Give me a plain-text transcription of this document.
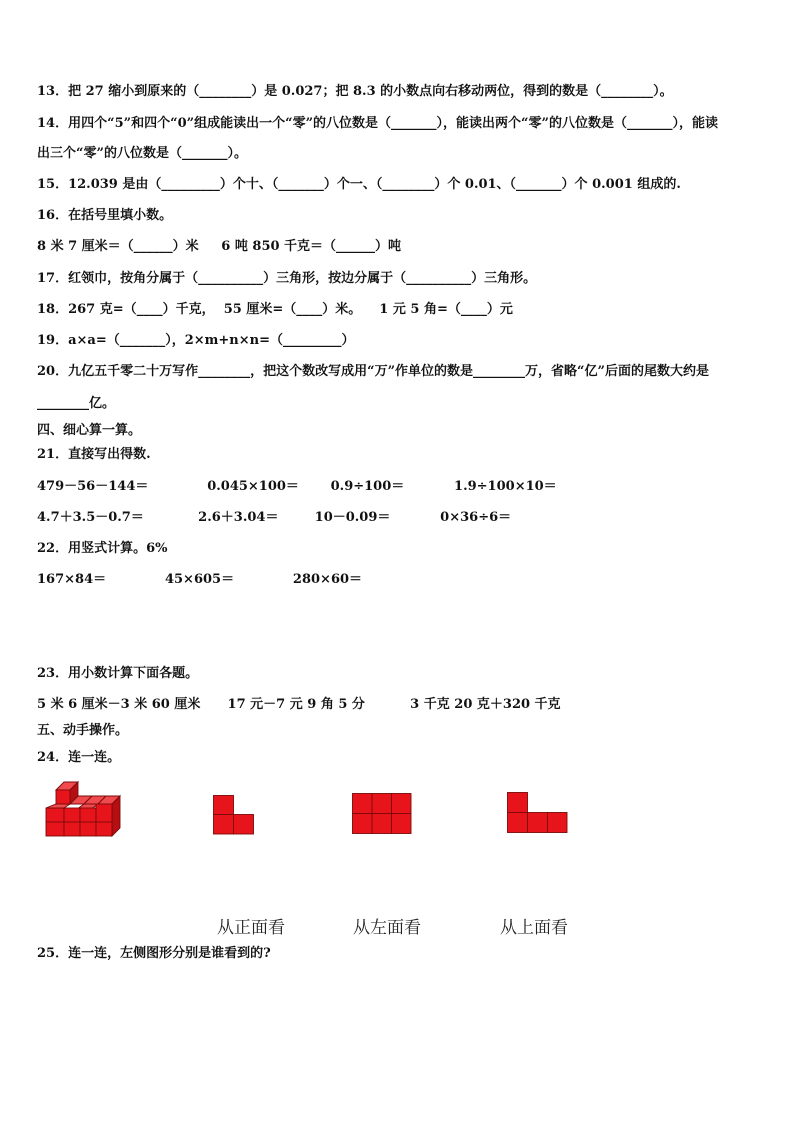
13．把 27 缩小到原来的（________）是 0.027；把 8.3 的小数点向右移动两位，得到的数是（________）。
14．用四个“5”和四个“0”组成能读出一个“零”的八位数是（_______），能读出两个“零”的八位数是（_______），能读
出三个“零”的八位数是（_______）。
15．12.039 是由（_________）个十、（_______）个一、（________）个 0.01、（_______）个 0.001 组成的.
16．在括号里填小数。
8 米 7 厘米＝（______）米     6 吨 850 千克＝（______）吨
17．红领巾，按角分属于（__________）三角形，按边分属于（__________）三角形。
18．267 克=（____）千克，  55 厘米=（____）米。    1 元 5 角=（____）元
19．a×a=（_______），2×m+n×n=（_________）
20．九亿五千零二十万写作________，把这个数改写成用“万”作单位的数是________万，省略“亿”后面的尾数大约是
________亿。
四、细心算一算。
21．直接写出得数.
479－56－144＝             0.045×100＝       0.9÷100＝           1.9÷100×10＝
4.7＋3.5－0.7＝            2.6＋3.04＝        10－0.09＝           0×36÷6＝
22．用竖式计算。6%
167×84＝             45×605＝             280×60＝
23．用小数计算下面各题。
5 米 6 厘米－3 米 60 厘米      17 元－7 元 9 角 5 分          3 千克 20 克＋320 千克
五、动手操作。
24．连一连。
从正面看	从左面看	从上面看
25．连一连，左侧图形分别是谁看到的?
